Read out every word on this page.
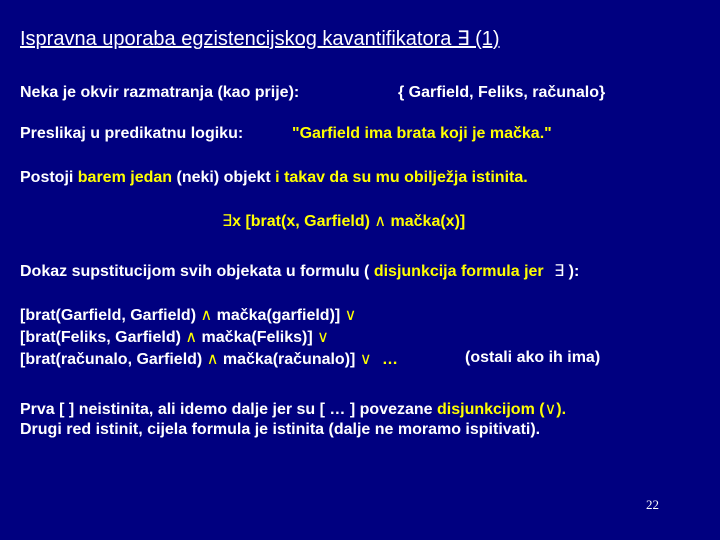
Ispravna uporaba egzistencijskog kavantifikatora ∃ (1)
Neka je okvir razmatranja (kao prije):	{ Garfield, Feliks, računalo}
Preslikaj u predikatnu logiku:	"Garfield ima brata koji je mačka."
Postoji barem jedan (neki) objekt i takav da su mu obilježja istinita.
∃x [brat(x, Garfield) ∧ mačka(x)]
Dokaz supstitucijom svih objekata u formulu ( disjunkcija formula jer ∃ ):
[brat(Garfield, Garfield) ∧ mačka(garfield)] ∨
[brat(Feliks, Garfield) ∧ mačka(Feliks)] ∨
[brat(računalo, Garfield) ∧ mačka(računalo)] ∨ …	(ostali ako ih ima)
Prva [ ] neistinita, ali idemo dalje jer su [ … ] povezane disjunkcijom (∨).
Drugi red istinit, cijela formula je istinita (dalje ne moramo ispitivati).
22
